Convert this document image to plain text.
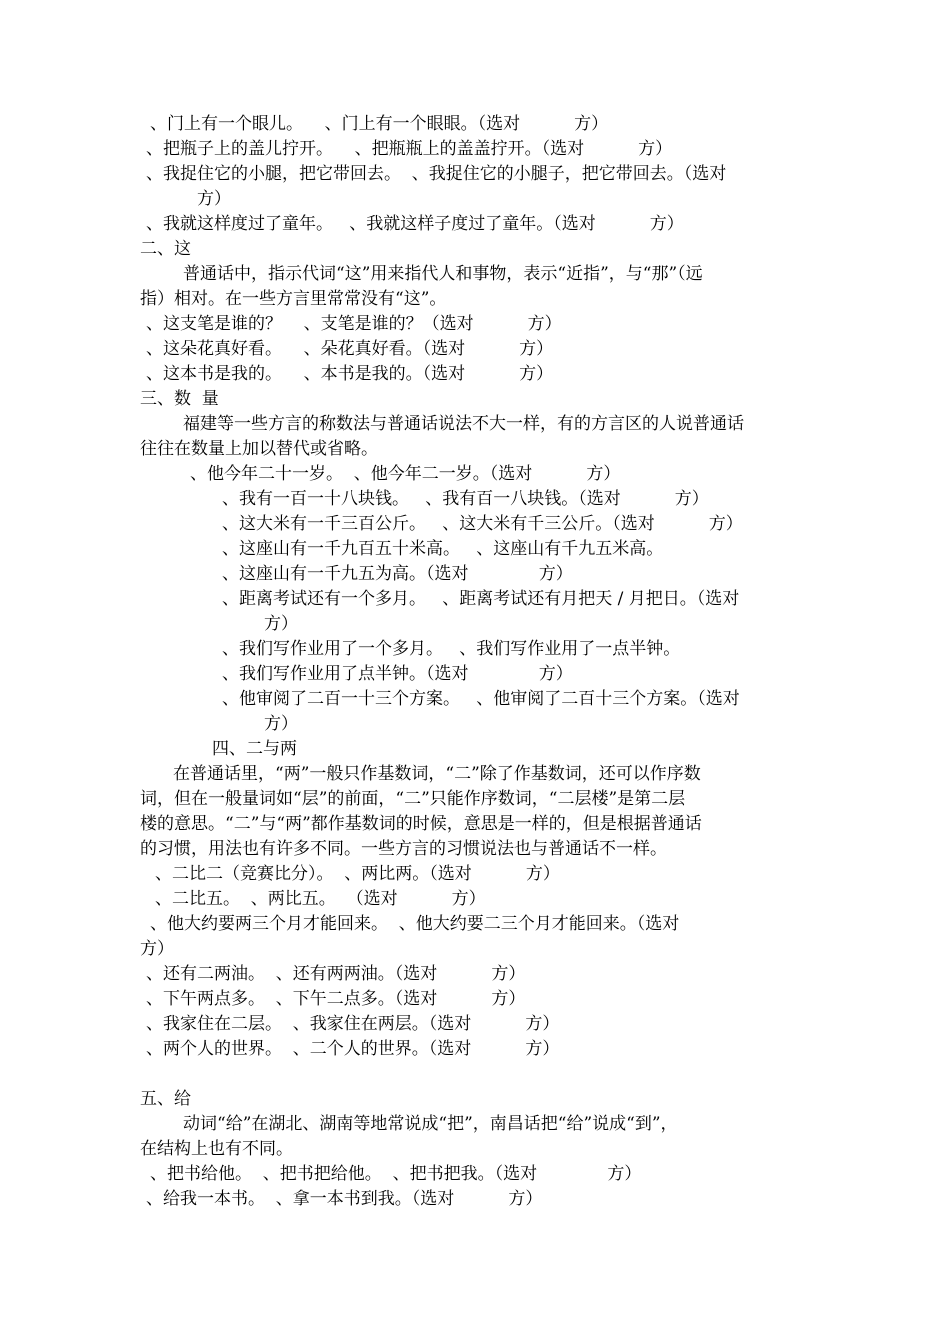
、门上有一个眼儿。    、门上有一个眼眼。（选对          方）
、把瓶子上的盖儿拧开。    、把瓶瓶上的盖盖拧开。（选对          方）
、我捉住它的小腿，把它带回去。  、我捉住它的小腿子，把它带回去。（选对
方）
、我就这样度过了童年。   、我就这样子度过了童年。（选对          方）
二、这
普通话中，指示代词“这”用来指代人和事物，表示“近指”，与“那”（远
指）相对。在一些方言里常常没有“这”。
、这支笔是谁的？    、支笔是谁的？（选对          方）
、这朵花真好看。    、朵花真好看。（选对          方）
、这本书是我的。    、本书是我的。（选对          方）
三、数  量
福建等一些方言的称数法与普通话说法不大一样，有的方言区的人说普通话
往往在数量上加以替代或省略。
、他今年二十一岁。  、他今年二一岁。（选对          方）
、我有一百一十八块钱。   、我有百一八块钱。（选对          方）
、这大米有一千三百公斤。   、这大米有千三公斤。（选对          方）
、这座山有一千九百五十米高。   、这座山有千九五米高。
、这座山有一千九五为高。（选对             方）
、距离考试还有一个多月。   、距离考试还有月把天 / 月把日。（选对
方）
、我们写作业用了一个多月。   、我们写作业用了一点半钟。
、我们写作业用了点半钟。（选对             方）
、他审阅了二百一十三个方案。   、他审阅了二百十三个方案。（选对
方）
四、二与两
在普通话里，“两”一般只作基数词，“二”除了作基数词，还可以作序数
词，但在一般量词如“层”的前面，“二”只能作序数词，“二层楼”是第二层
楼的意思。“二”与“两”都作基数词的时候，意思是一样的，但是根据普通话
的习惯，用法也有许多不同。一些方言的习惯说法也与普通话不一样。
、二比二（竞赛比分）。  、两比两。（选对          方）
、二比五。  、两比五。  （选对          方）
、他大约要两三个月才能回来。  、他大约要二三个月才能回来。（选对
方）
、还有二两油。  、还有两两油。（选对          方）
、下午两点多。  、下午二点多。（选对          方）
、我家住在二层。  、我家住在两层。（选对          方）
、两个人的世界。  、二个人的世界。（选对          方）
五、给
动词“给”在湖北、湖南等地常说成“把”，南昌话把“给”说成“到”，
在结构上也有不同。
、把书给他。  、把书把给他。  、把书把我。（选对             方）
、给我一本书。  、拿一本书到我。（选对          方）
